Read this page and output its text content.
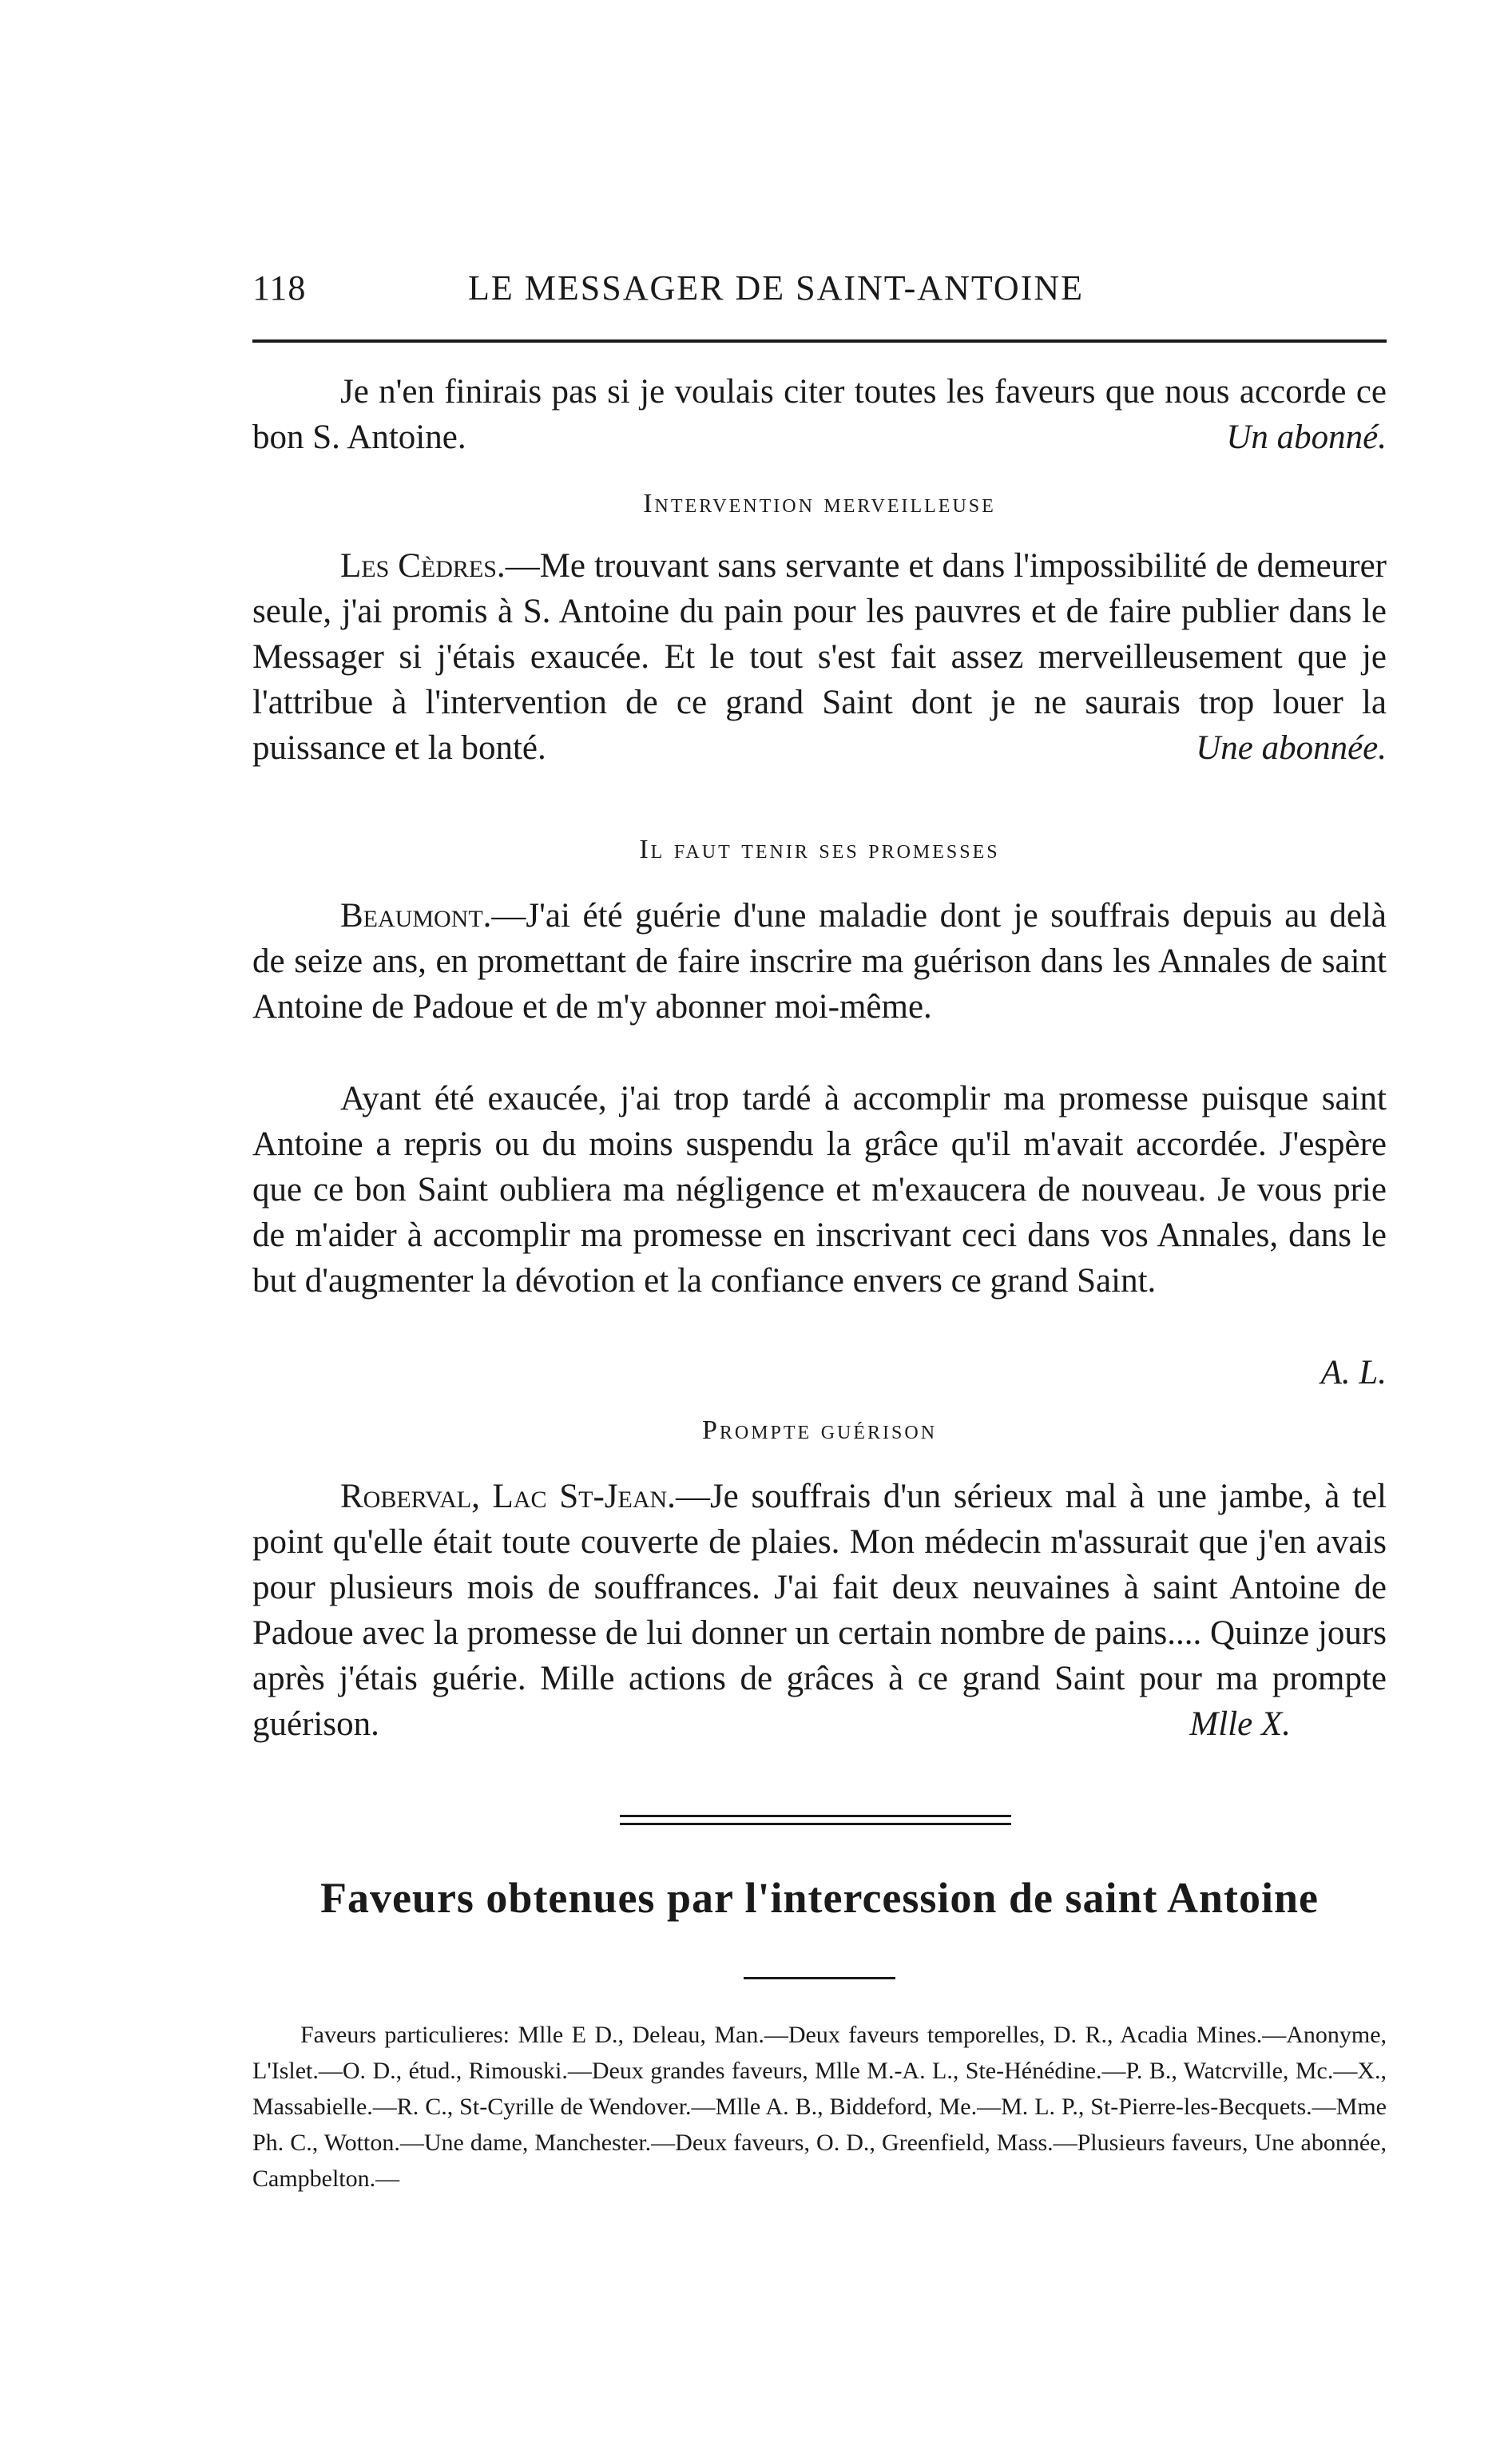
118	LE MESSAGER DE SAINT-ANTOINE
Je n'en finirais pas si je voulais citer toutes les faveurs que nous accorde ce bon S. Antoine.	Un abonné.
Intervention merveilleuse
Les Cèdres.—Me trouvant sans servante et dans l'impossibilité de demeurer seule, j'ai promis à S. Antoine du pain pour les pauvres et de faire publier dans le Messager si j'étais exaucée. Et le tout s'est fait assez merveilleusement que je l'attribue à l'intervention de ce grand Saint dont je ne saurais trop louer la puissance et la bonté.	Une abonnée.
Il faut tenir ses promesses
Beaumont.—J'ai été guérie d'une maladie dont je souffrais depuis au delà de seize ans, en promettant de faire inscrire ma guérison dans les Annales de saint Antoine de Padoue et de m'y abonner moi-même.
Ayant été exaucée, j'ai trop tardé à accomplir ma promesse puisque saint Antoine a repris ou du moins suspendu la grâce qu'il m'avait accordée. J'espère que ce bon Saint oubliera ma négligence et m'exaucera de nouveau. Je vous prie de m'aider à accomplir ma promesse en inscrivant ceci dans vos Annales, dans le but d'augmenter la dévotion et la confiance envers ce grand Saint.
A. L.
Prompte guérison
Roberval, Lac St-Jean.—Je souffrais d'un sérieux mal à une jambe, à tel point qu'elle était toute couverte de plaies. Mon médecin m'assurait que j'en avais pour plusieurs mois de souffrances. J'ai fait deux neuvaines à saint Antoine de Padoue avec la promesse de lui donner un certain nombre de pains.... Quinze jours après j'étais guérie. Mille actions de grâces à ce grand Saint pour ma prompte guérison.	Mlle X.
Faveurs obtenues par l'intercession de saint Antoine
Faveurs particulieres: Mlle E D., Deleau, Man.—Deux faveurs temporelles, D. R., Acadia Mines.—Anonyme, L'Islet.—O. D., étud., Rimouski.—Deux grandes faveurs, Mlle M.-A. L., Ste-Hénédine.—P. B., Watcrville, Mc.—X., Massabielle.—R. C., St-Cyrille de Wendover.—Mlle A. B., Biddeford, Me.—M. L. P., St-Pierre-les-Becquets.—Mme Ph. C., Wotton.—Une dame, Manchester.—Deux faveurs, O. D., Greenfield, Mass.—Plusieurs faveurs, Une abonnée, Campbelton.—
